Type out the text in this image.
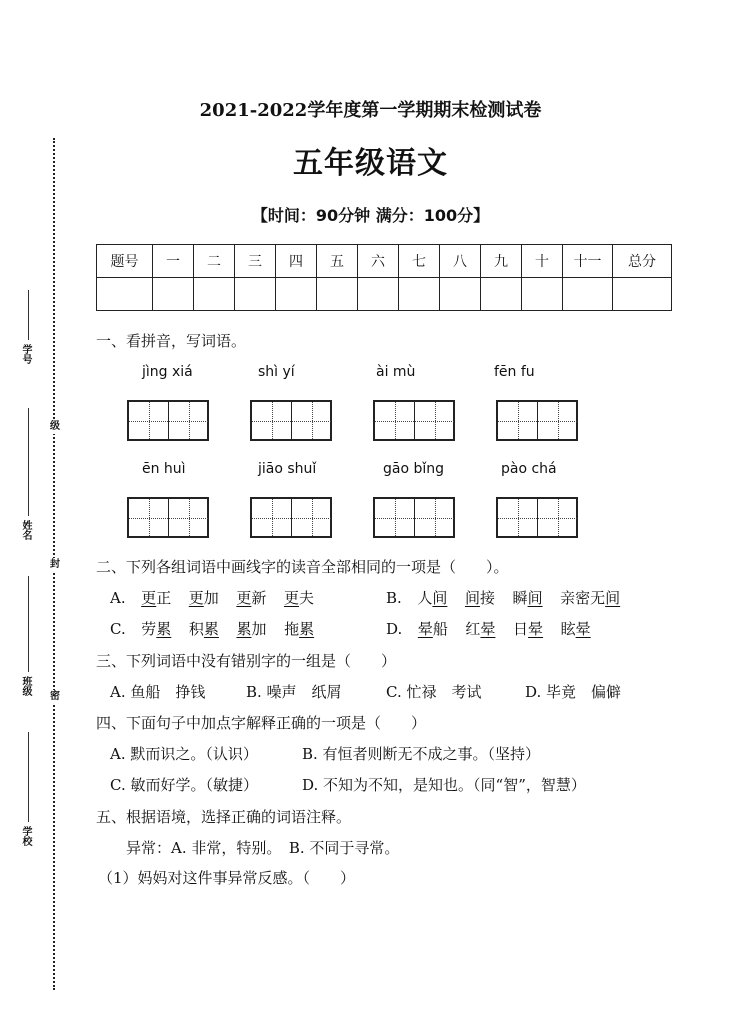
学号
级
姓名
封
班级
密
学校
2021-2022学年度第一学期期末检测试卷
五年级语文
【时间：90分钟 满分：100分】
题号	一	二	三	四	五	六	七	八	九	十	十一	总分

一、看拼音，写词语。
jìng xiá	shì yí	ài mù	fēn fu
ēn huì	jiāo shuǐ	gāo bǐng	pào chá
二、下列各组词语中画线字的读音全部相同的一项是（　　）。
A. 更正 更加 更新 更夫	B. 人间 间接 瞬间 亲密无间
C. 劳累 积累 累加 拖累	D. 晕船 红晕 日晕 眩晕
三、下列词语中没有错别字的一组是（　　）
A. 鱼船　挣钱	B. 噪声　纸屑	C. 忙禄　考试	D. 毕竟　偏僻
四、下面句子中加点字解释正确的一项是（　　）
A. 默而识之。（认识）	B. 有恒者则断无不成之事。（坚持）
C. 敏而好学。（敏捷）	D. 不知为不知，是知也。（同“智”，智慧）
五、根据语境，选择正确的词语注释。
异常：A. 非常，特别。　B. 不同于寻常。
（1）妈妈对这件事异常反感。（　　）
